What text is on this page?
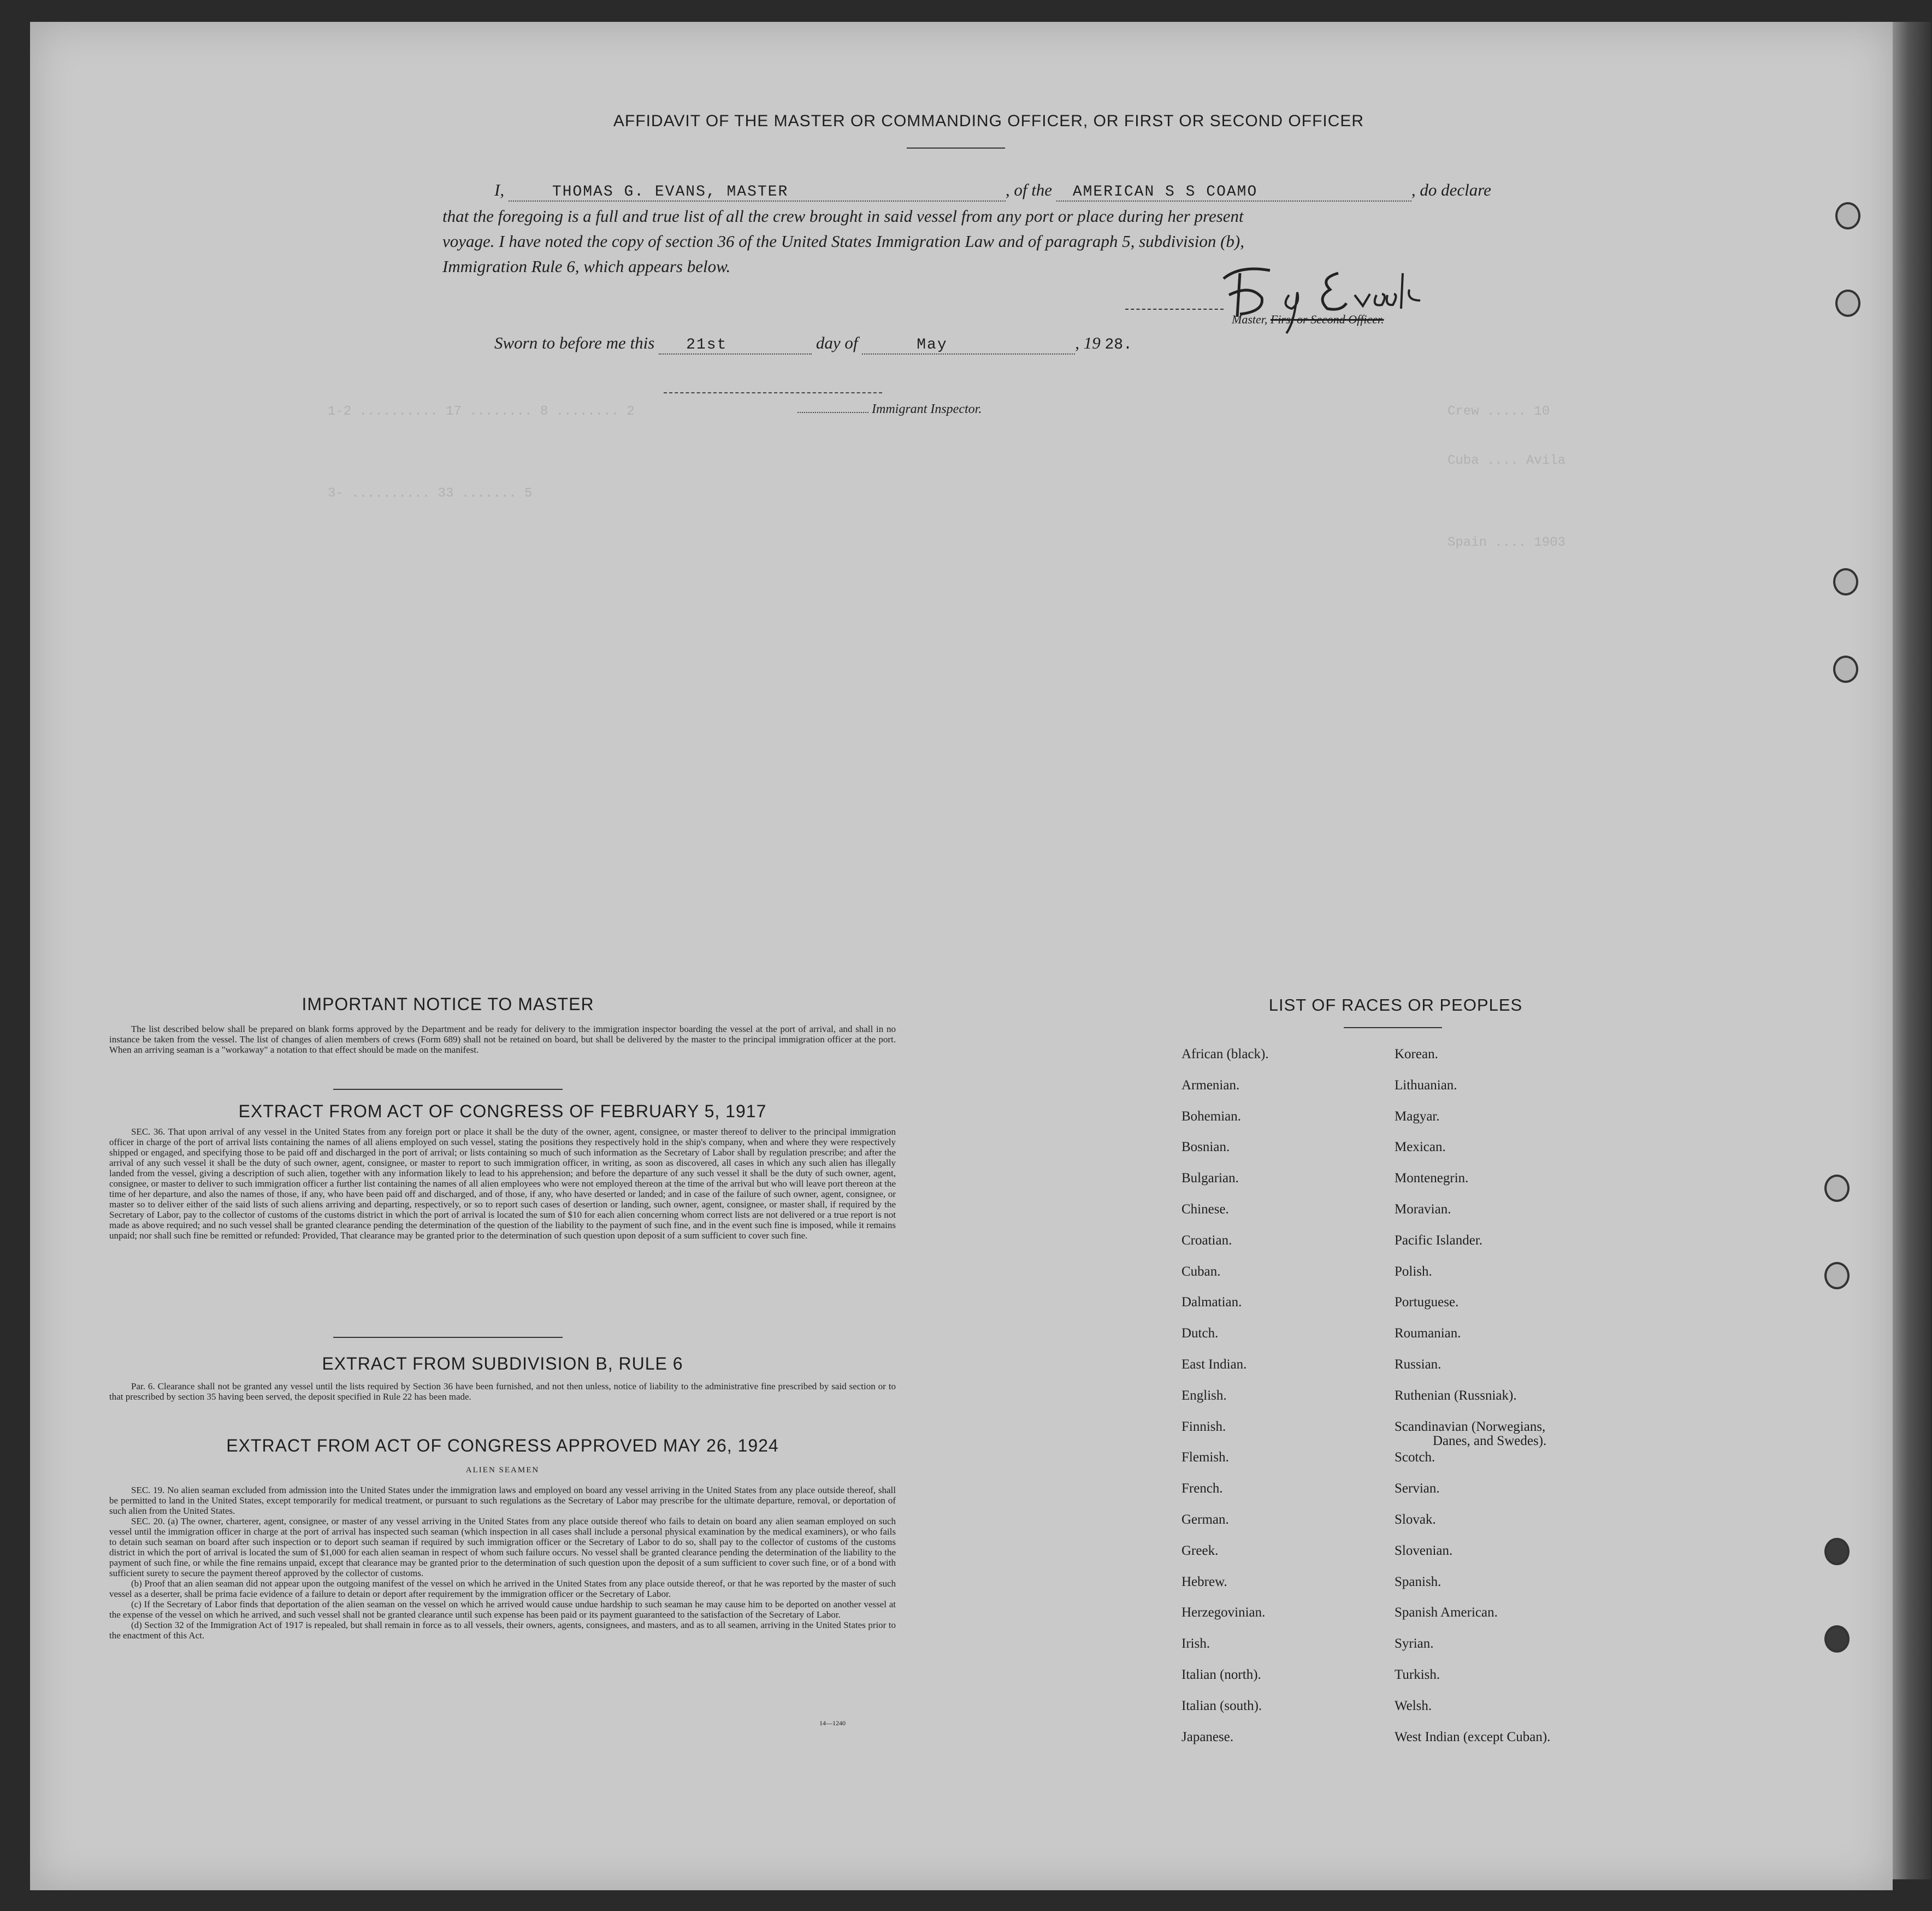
1-2 .......... 17 ........ 8 ........ 2
3- .......... 33 ....... 5
Crew ..... 10
Cuba .... Avila
Spain .... 1903
AFFIDAVIT OF THE MASTER OR COMMANDING OFFICER, OR FIRST OR SECOND OFFICER
I,	THOMAS G. EVANS, MASTER	, of the AMERICAN S S COAMO	, do declare
that the foregoing is a full and true list of all the crew brought in said vessel from any port or place during her present
voyage. I have noted the copy of section 36 of the United States Immigration Law and of paragraph 5, subdivision (b),
Immigration Rule 6, which appears below.
Master, First or Second Officer.
Sworn to before me this 21st	day of	May	, 19 28.
Immigrant Inspector.
IMPORTANT NOTICE TO MASTER

The list described below shall be prepared on blank forms approved by the Department and be ready for delivery to the immigration inspector boarding the vessel at the port of arrival, and shall in no instance be taken from the vessel. The list of changes of alien members of crews (Form 689) shall not be retained on board, but shall be delivered by the master to the principal immigration officer at the port. When an arriving seaman is a "workaway" a notation to that effect should be made on the manifest.

EXTRACT FROM ACT OF CONGRESS OF FEBRUARY 5, 1917

SEC. 36. That upon arrival of any vessel in the United States from any foreign port or place it shall be the duty of the owner, agent, consignee, or master thereof to deliver to the principal immigration officer in charge of the port of arrival lists containing the names of all aliens employed on such vessel, stating the positions they respectively hold in the ship's company, when and where they were respectively shipped or engaged, and specifying those to be paid off and discharged in the port of arrival; or lists containing so much of such information as the Secretary of Labor shall by regulation prescribe; and after the arrival of any such vessel it shall be the duty of such owner, agent, consignee, or master to report to such immigration officer, in writing, as soon as discovered, all cases in which any such alien has illegally landed from the vessel, giving a description of such alien, together with any information likely to lead to his apprehension; and before the departure of any such vessel it shall be the duty of such owner, agent, consignee, or master to deliver to such immigration officer a further list containing the names of all alien employees who were not employed thereon at the time of the arrival but who will leave port thereon at the time of her departure, and also the names of those, if any, who have been paid off and discharged, and of those, if any, who have deserted or landed; and in case of the failure of such owner, agent, consignee, or master so to deliver either of the said lists of such aliens arriving and departing, respectively, or so to report such cases of desertion or landing, such owner, agent, consignee, or master shall, if required by the Secretary of Labor, pay to the collector of customs of the customs district in which the port of arrival is located the sum of $10 for each alien concerning whom correct lists are not delivered or a true report is not made as above required; and no such vessel shall be granted clearance pending the determination of the question of the liability to the payment of such fine, and in the event such fine is imposed, while it remains unpaid; nor shall such fine be remitted or refunded: Provided, That clearance may be granted prior to the determination of such question upon deposit of a sum sufficient to cover such fine.

EXTRACT FROM SUBDIVISION B, RULE 6

Par. 6. Clearance shall not be granted any vessel until the lists required by Section 36 have been furnished, and not then unless, notice of liability to the administrative fine prescribed by said section or to that prescribed by section 35 having been served, the deposit specified in Rule 22 has been made.

EXTRACT FROM ACT OF CONGRESS APPROVED MAY 26, 1924
ALIEN SEAMEN

SEC. 19. No alien seaman excluded from admission into the United States under the immigration laws and employed on board any vessel arriving in the United States from any place outside thereof, shall be permitted to land in the United States, except temporarily for medical treatment, or pursuant to such regulations as the Secretary of Labor may prescribe for the ultimate departure, removal, or deportation of such alien from the United States.

SEC. 20. (a) The owner, charterer, agent, consignee, or master of any vessel arriving in the United States from any place outside thereof who fails to detain on board any alien seaman employed on such vessel until the immigration officer in charge at the port of arrival has inspected such seaman (which inspection in all cases shall include a personal physical examination by the medical examiners), or who fails to detain such seaman on board after such inspection or to deport such seaman if required by such immigration officer or the Secretary of Labor to do so, shall pay to the collector of customs of the customs district in which the port of arrival is located the sum of $1,000 for each alien seaman in respect of whom such failure occurs. No vessel shall be granted clearance pending the determination of the liability to the payment of such fine, or while the fine remains unpaid, except that clearance may be granted prior to the determination of such question upon the deposit of a sum sufficient to cover such fine, or of a bond with sufficient surety to secure the payment thereof approved by the collector of customs.

(b) Proof that an alien seaman did not appear upon the outgoing manifest of the vessel on which he arrived in the United States from any place outside thereof, or that he was reported by the master of such vessel as a deserter, shall be prima facie evidence of a failure to detain or deport after requirement by the immigration officer or the Secretary of Labor.

(c) If the Secretary of Labor finds that deportation of the alien seaman on the vessel on which he arrived would cause undue hardship to such seaman he may cause him to be deported on another vessel at the expense of the vessel on which he arrived, and such vessel shall not be granted clearance until such expense has been paid or its payment guaranteed to the satisfaction of the Secretary of Labor.

(d) Section 32 of the Immigration Act of 1917 is repealed, but shall remain in force as to all vessels, their owners, agents, consignees, and masters, and as to all seamen, arriving in the United States prior to the enactment of this Act.

14—1240
LIST OF RACES OR PEOPLES
African (black).
Armenian.
Bohemian.
Bosnian.
Bulgarian.
Chinese.
Croatian.
Cuban.
Dalmatian.
Dutch.
East Indian.
English.
Finnish.
Flemish.
French.
German.
Greek.
Hebrew.
Herzegovinian.
Irish.
Italian (north).
Italian (south).
Japanese.
Korean.
Lithuanian.
Magyar.
Mexican.
Montenegrin.
Moravian.
Pacific Islander.
Polish.
Portuguese.
Roumanian.
Russian.
Ruthenian (Russniak).
Scandinavian (Norwegians,
Danes, and Swedes).
Scotch.
Servian.
Slovak.
Slovenian.
Spanish.
Spanish American.
Syrian.
Turkish.
Welsh.
West Indian (except Cuban).
